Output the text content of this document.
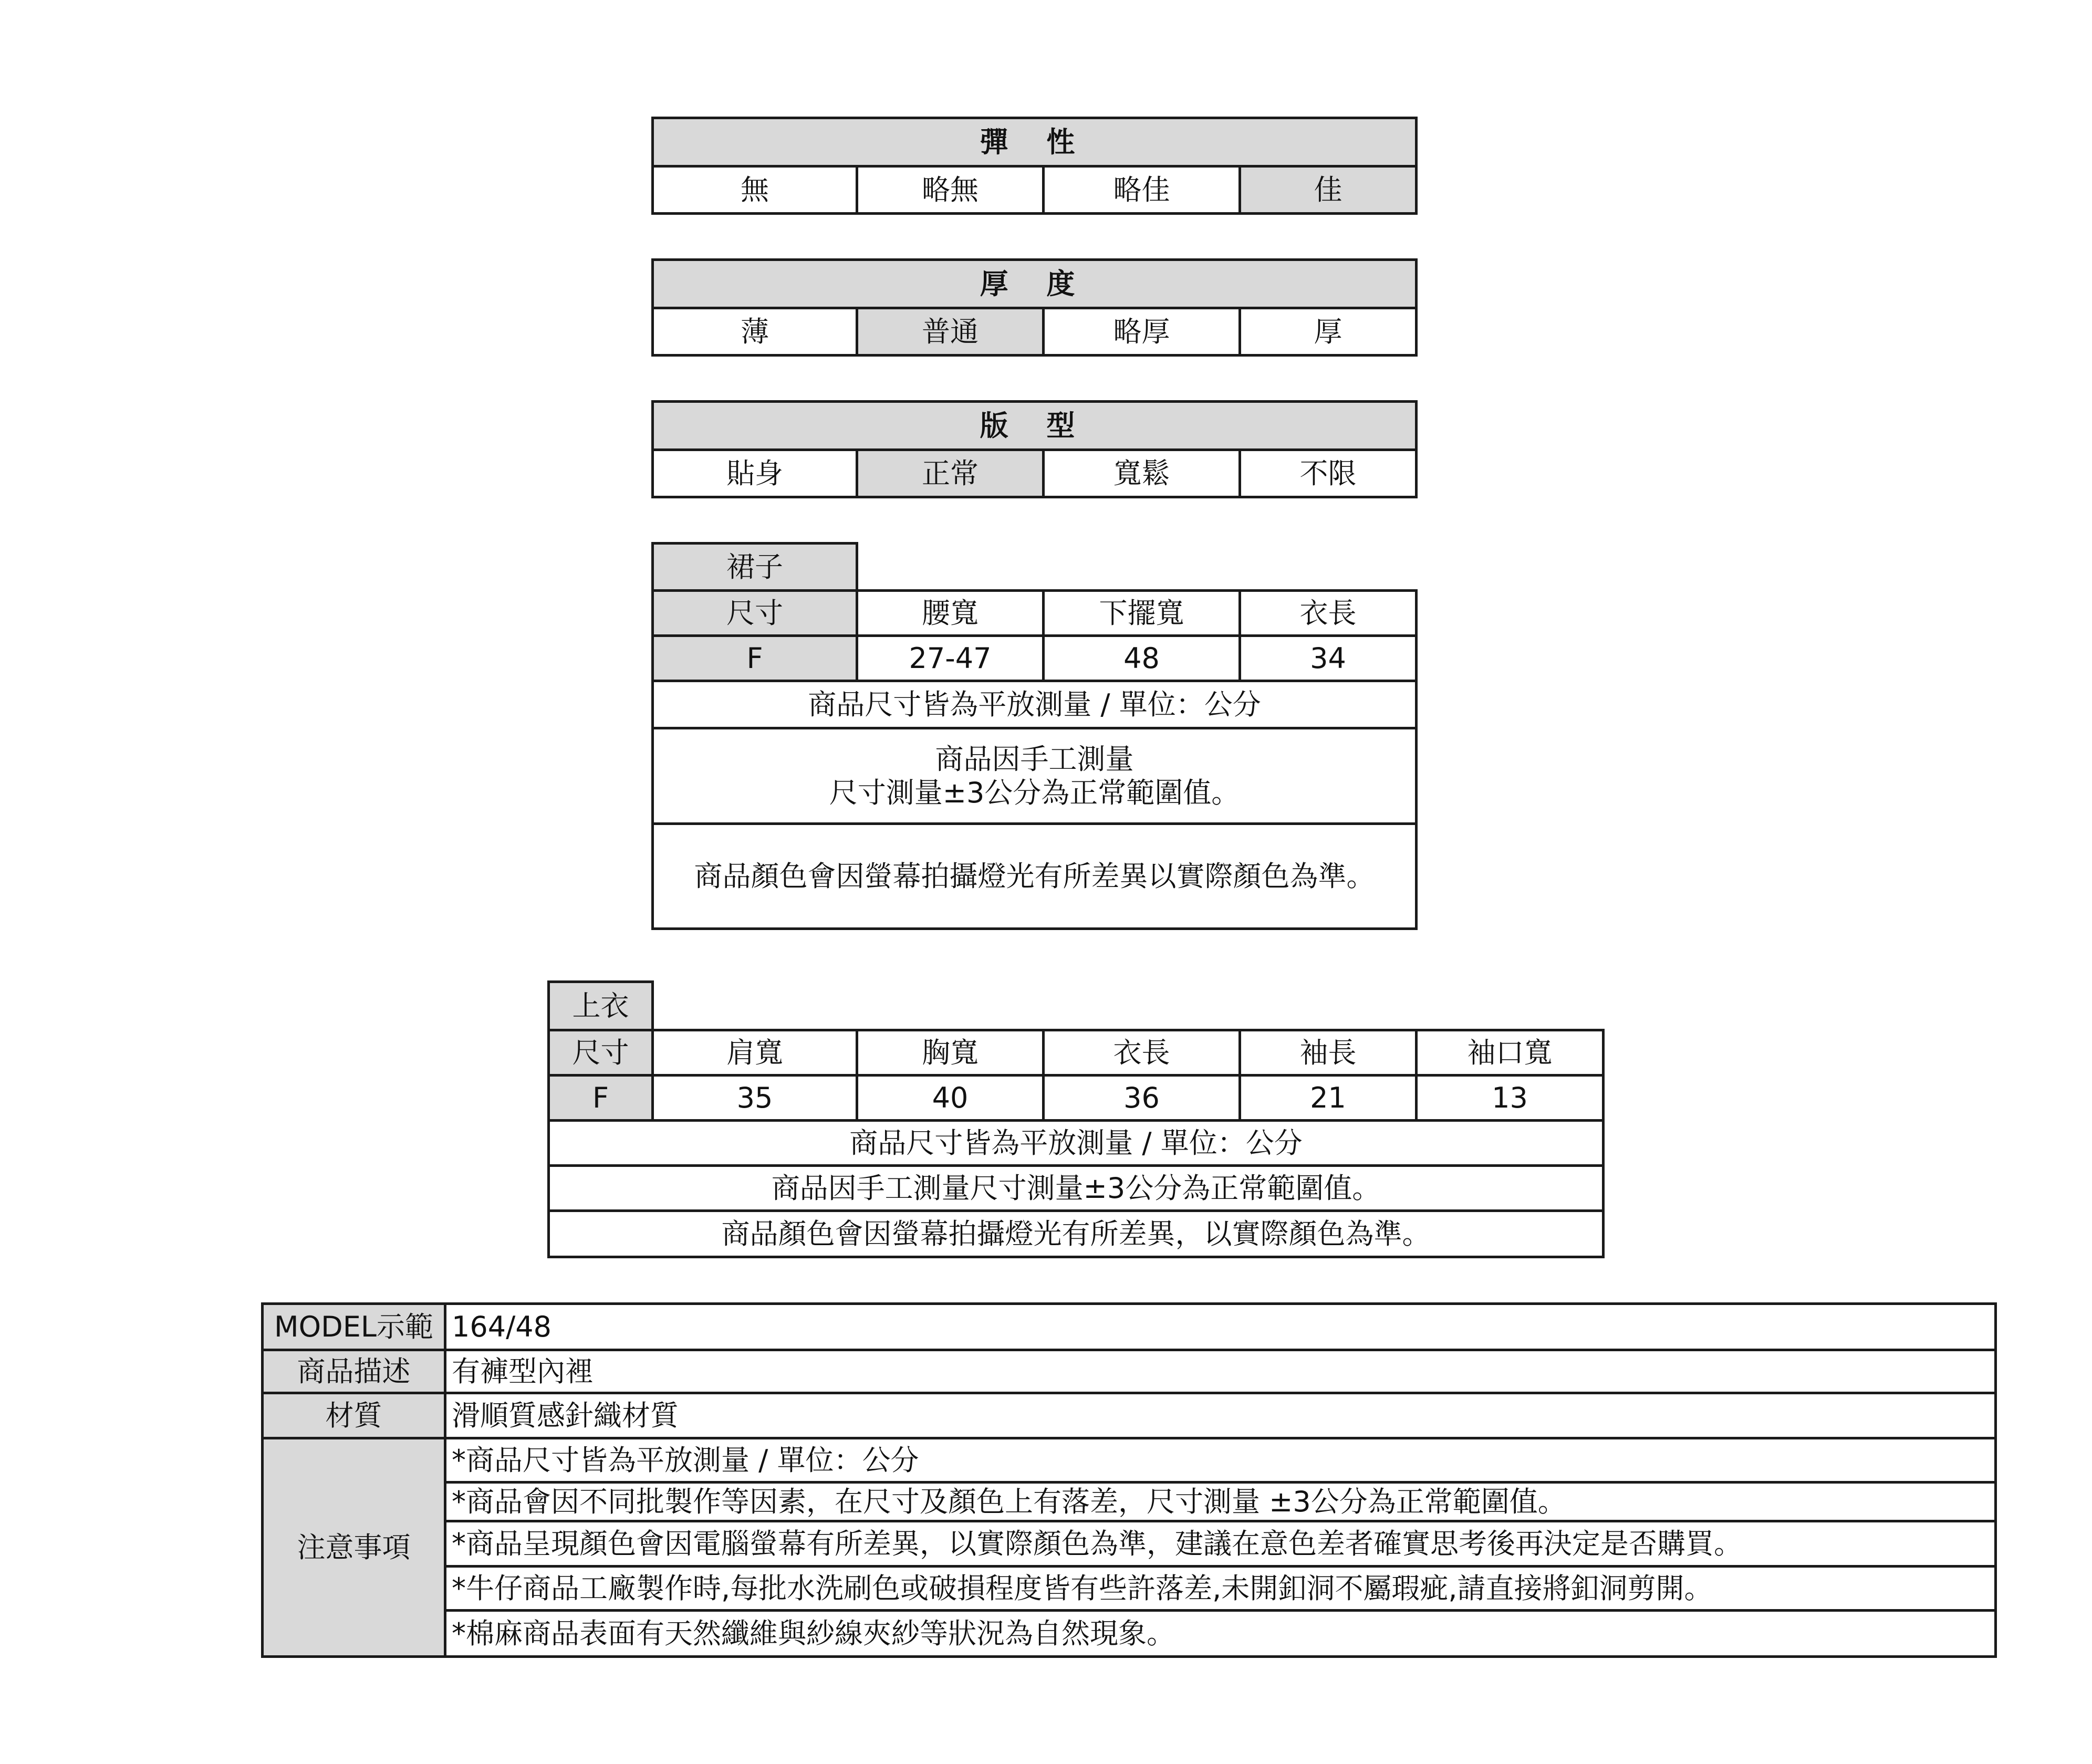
彈 性
無	略無	略佳	佳
厚 度
薄	普通	略厚	厚
版 型
貼身	正常	寬鬆	不限
裙子			
尺寸	腰寬	下擺寬	衣長
F	27-47	48	34
商品尺寸皆為平放測量 / 單位：公分			

商品因手工測量
尺寸測量±3公分為正常範圍值。			

商品顏色會因螢幕拍攝燈光有所差異以實際顏色為準。			
上衣					
尺寸	肩寬	胸寬	衣長	袖長	袖口寬
F	35	40	36	21	13
商品尺寸皆為平放測量 / 單位：公分					
商品因手工測量尺寸測量±3公分為正常範圍值。					
商品顏色會因螢幕拍攝燈光有所差異，以實際顏色為準。					
MODEL示範	164/48
商品描述	有褲型內裡
材質	滑順質感針織材質
注意事項	*商品尺寸皆為平放測量 / 單位：公分
	*商品會因不同批製作等因素，在尺寸及顏色上有落差，尺寸測量 ±3公分為正常範圍值。
	*商品呈現顏色會因電腦螢幕有所差異，以實際顏色為準，建議在意色差者確實思考後再決定是否購買。
	*牛仔商品工廠製作時,每批水洗刷色或破損程度皆有些許落差,未開釦洞不屬瑕疵,請直接將釦洞剪開。
	*棉麻商品表面有天然纖維與紗線夾紗等狀況為自然現象。
